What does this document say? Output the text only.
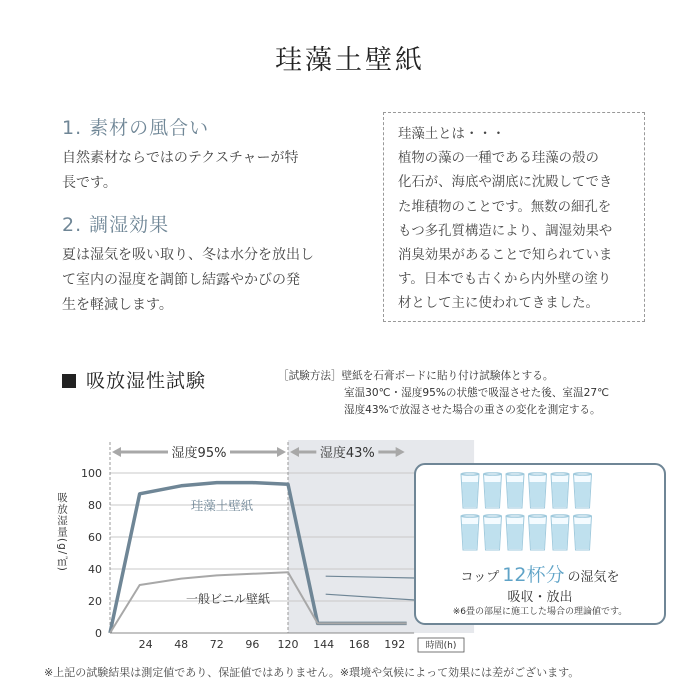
珪藻土壁紙
1. 素材の風合い
自然素材ならではのテクスチャーが特
長です。
2. 調湿効果
夏は湿気を吸い取り、冬は水分を放出し
て室内の湿度を調節し結露やかびの発
生を軽減します。
珪藻土とは・・・
植物の藻の一種である珪藻の殻の
化石が、海底や湖底に沈殿してでき
た堆積物のことです。無数の細孔を
もつ多孔質構造により、調湿効果や
消臭効果があることで知られていま
す。日本でも古くから内外壁の塗り
材として主に使われてきました。
吸放湿性試験	［試験方法］壁紙を石膏ボードに貼り付け試験体とする。
室温30℃・湿度95%の状態で吸湿させた後、室温27℃
湿度43%で放湿させた場合の重さの変化を測定する。
湿度95%	湿度43%
珪藻土壁紙
一般ビニル壁紙
0
20
40
60
80
100
24 48 72 96 120 144 168 192 時間(h)
吸放湿量(g/㎡)
コップ 12杯分 の湿気を
吸収・放出
※6畳の部屋に施工した場合の理論値です。
※上記の試験結果は測定値であり、保証値ではありません。※環境や気候によって効果には差がございます。
